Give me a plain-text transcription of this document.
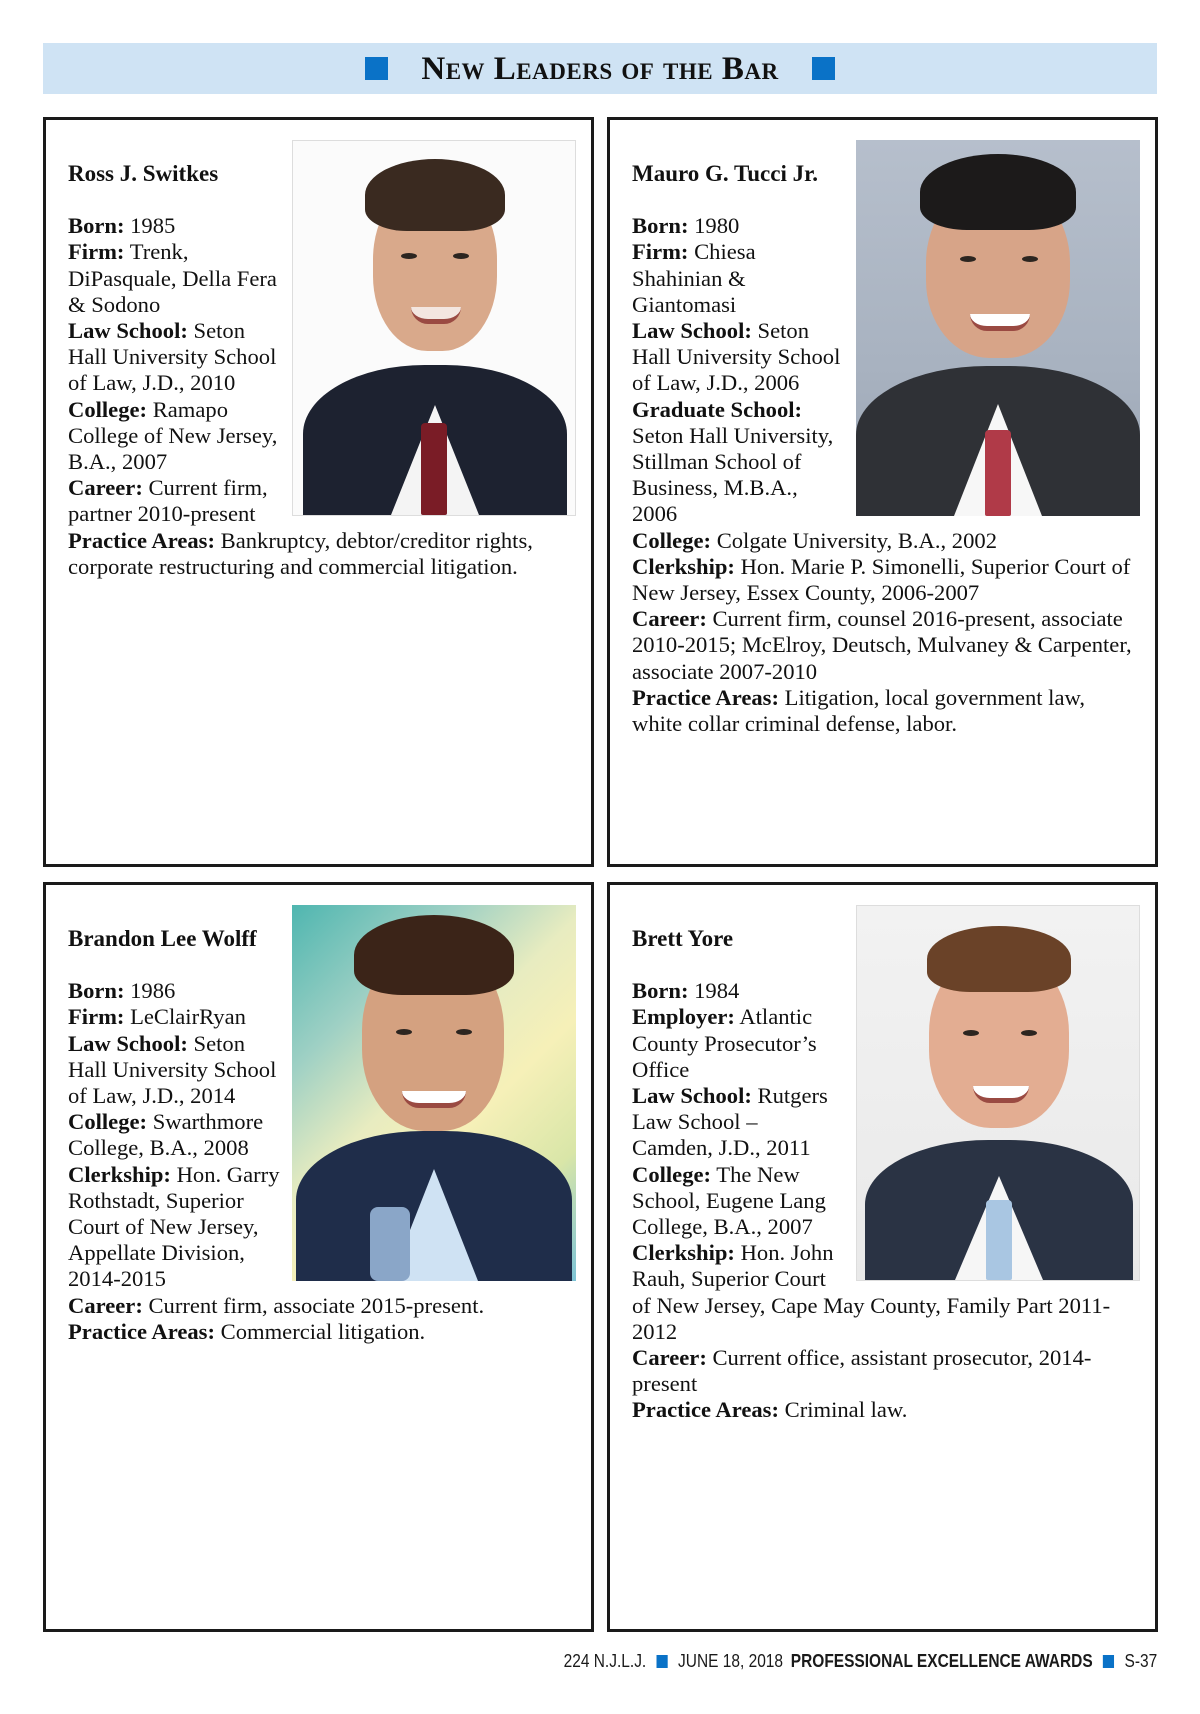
New Leaders of the Bar
Ross J. Switkes
Born: 1985
Firm: Trenk, DiPasquale, Della Fera & Sodono
Law School: Seton Hall University School of Law, J.D., 2010
College: Ramapo College of New Jersey, B.A., 2007
Career: Current firm, partner 2010-present
Practice Areas: Bankruptcy, debtor/creditor rights, corporate restructuring and commercial litigation.
Mauro G. Tucci Jr.
Born: 1980
Firm: Chiesa Shahinian & Giantomasi
Law School: Seton Hall University School of Law, J.D., 2006
Graduate School: Seton Hall University, Stillman School of Business, M.B.A., 2006
College: Colgate University, B.A., 2002
Clerkship: Hon. Marie P. Simonelli, Superior Court of New Jersey, Essex County, 2006-2007
Career: Current firm, counsel 2016-present, associate 2010-2015; McElroy, Deutsch, Mulvaney & Carpenter, associate 2007-2010
Practice Areas: Litigation, local government law, white collar criminal defense, labor.
Brandon Lee Wolff
Born: 1986
Firm: LeClairRyan
Law School: Seton Hall University School of Law, J.D., 2014
College: Swarthmore College, B.A., 2008
Clerkship: Hon. Garry Rothstadt, Superior Court of New Jersey, Appellate Division, 2014-2015
Career: Current firm, associate 2015-present.
Practice Areas: Commercial litigation.
Brett Yore
Born: 1984
Employer: Atlantic County Prosecutor’s Office
Law School: Rutgers Law School – Camden, J.D., 2011
College: The New School, Eugene Lang College, B.A., 2007
Clerkship: Hon. John Rauh, Superior Court of New Jersey, Cape May County, Family Part 2011-2012
Career: Current office, assistant prosecutor, 2014-present
Practice Areas: Criminal law.
224 N.J.L.J. JUNE 18, 2018 PROFESSIONAL EXCELLENCE AWARDS S-37
